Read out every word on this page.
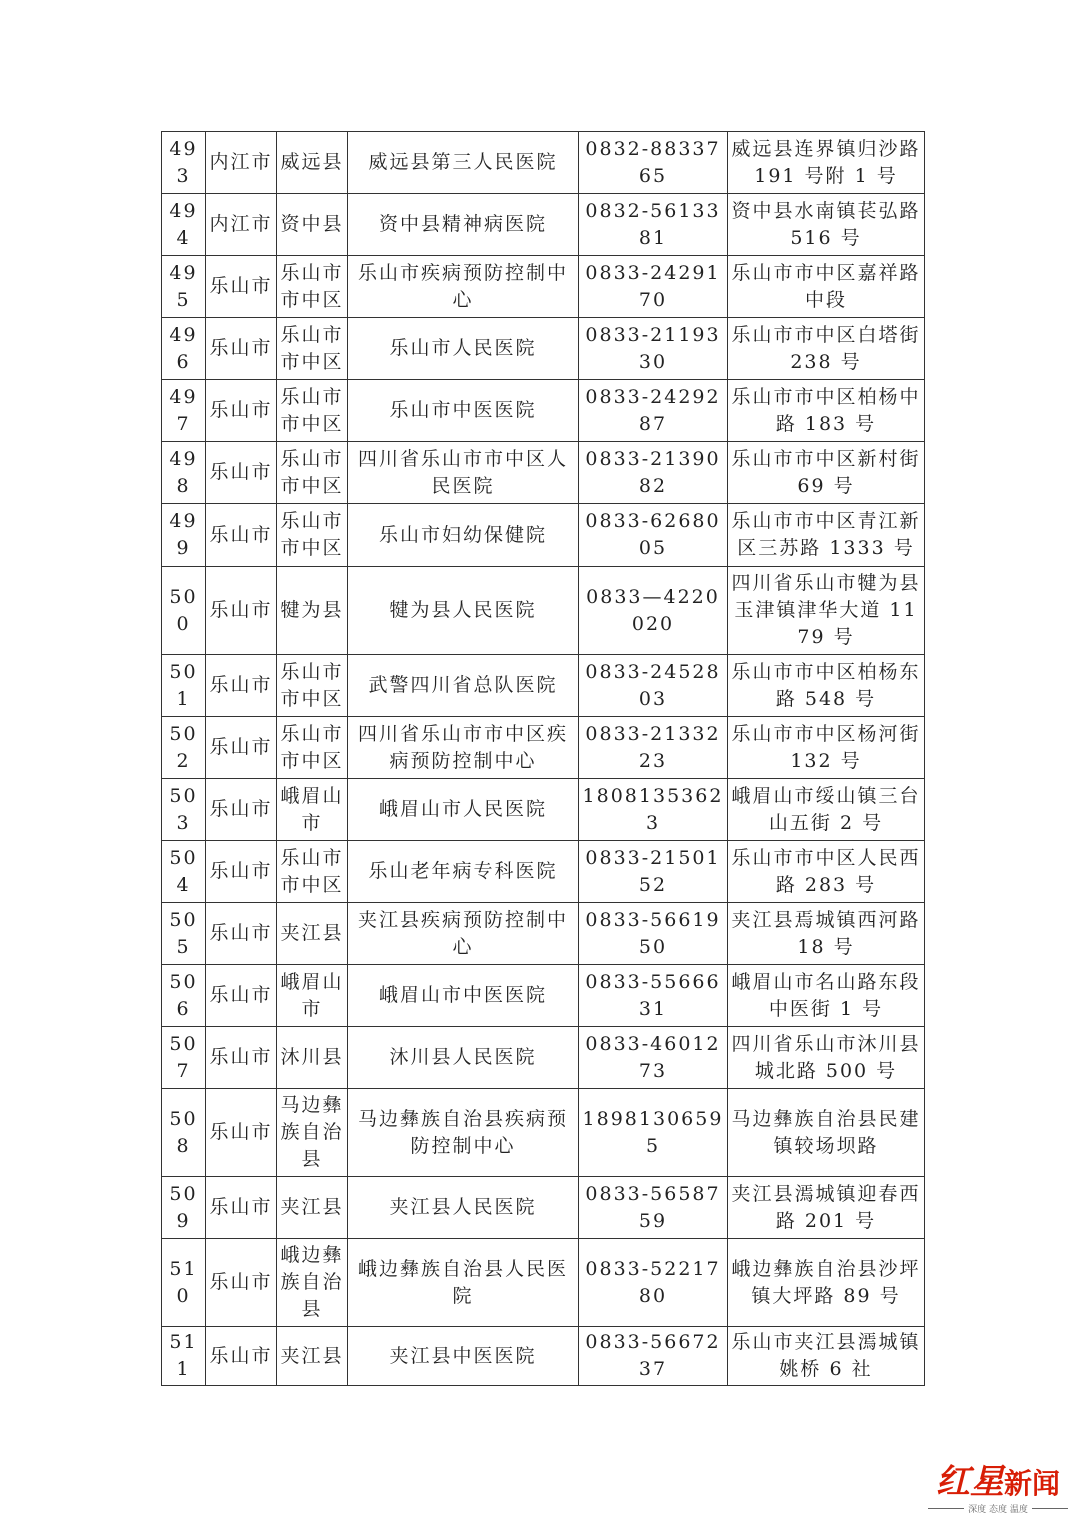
493	内江市	威远县	威远县第三人民医院	0832-8833765	威远县连界镇归沙路 191 号附 1 号
494	内江市	资中县	资中县精神病医院	0832-5613381	资中县水南镇苌弘路 516 号
495	乐山市	乐山市市中区	乐山市疾病预防控制中心	0833-2429170	乐山市市中区嘉祥路中段
496	乐山市	乐山市市中区	乐山市人民医院	0833-2119330	乐山市市中区白塔街 238 号
497	乐山市	乐山市市中区	乐山市中医医院	0833-2429287	乐山市市中区柏杨中路 183 号
498	乐山市	乐山市市中区	四川省乐山市市中区人民医院	0833-2139082	乐山市市中区新村街 69 号
499	乐山市	乐山市市中区	乐山市妇幼保健院	0833-6268005	乐山市市中区青江新区三苏路 1333 号
500	乐山市	犍为县	犍为县人民医院	0833—4220020	四川省乐山市犍为县玉津镇津华大道 1179 号
501	乐山市	乐山市市中区	武警四川省总队医院	0833-2452803	乐山市市中区柏杨东路 548 号
502	乐山市	乐山市市中区	四川省乐山市市中区疾病预防控制中心	0833-2133223	乐山市市中区杨河街 132 号
503	乐山市	峨眉山市	峨眉山市人民医院	18081353623	峨眉山市绥山镇三台山五街 2 号
504	乐山市	乐山市市中区	乐山老年病专科医院	0833-2150152	乐山市市中区人民西路 283 号
505	乐山市	夹江县	夹江县疾病预防控制中心	0833-5661950	夹江县焉城镇西河路 18 号
506	乐山市	峨眉山市	峨眉山市中医医院	0833-5566631	峨眉山市名山路东段中医街 1 号
507	乐山市	沐川县	沐川县人民医院	0833-4601273	四川省乐山市沐川县城北路 500 号
508	乐山市	马边彝族自治县	马边彝族自治县疾病预防控制中心	18981306595	马边彝族自治县民建镇较场坝路
509	乐山市	夹江县	夹江县人民医院	0833-5658759	夹江县漹城镇迎春西路 201 号
510	乐山市	峨边彝族自治县	峨边彝族自治县人民医院	0833-5221780	峨边彝族自治县沙坪镇大坪路 89 号
511	乐山市	夹江县	夹江县中医医院	0833-5667237	乐山市夹江县漹城镇姚桥 6 社
红星新闻
深度 态度 温度
